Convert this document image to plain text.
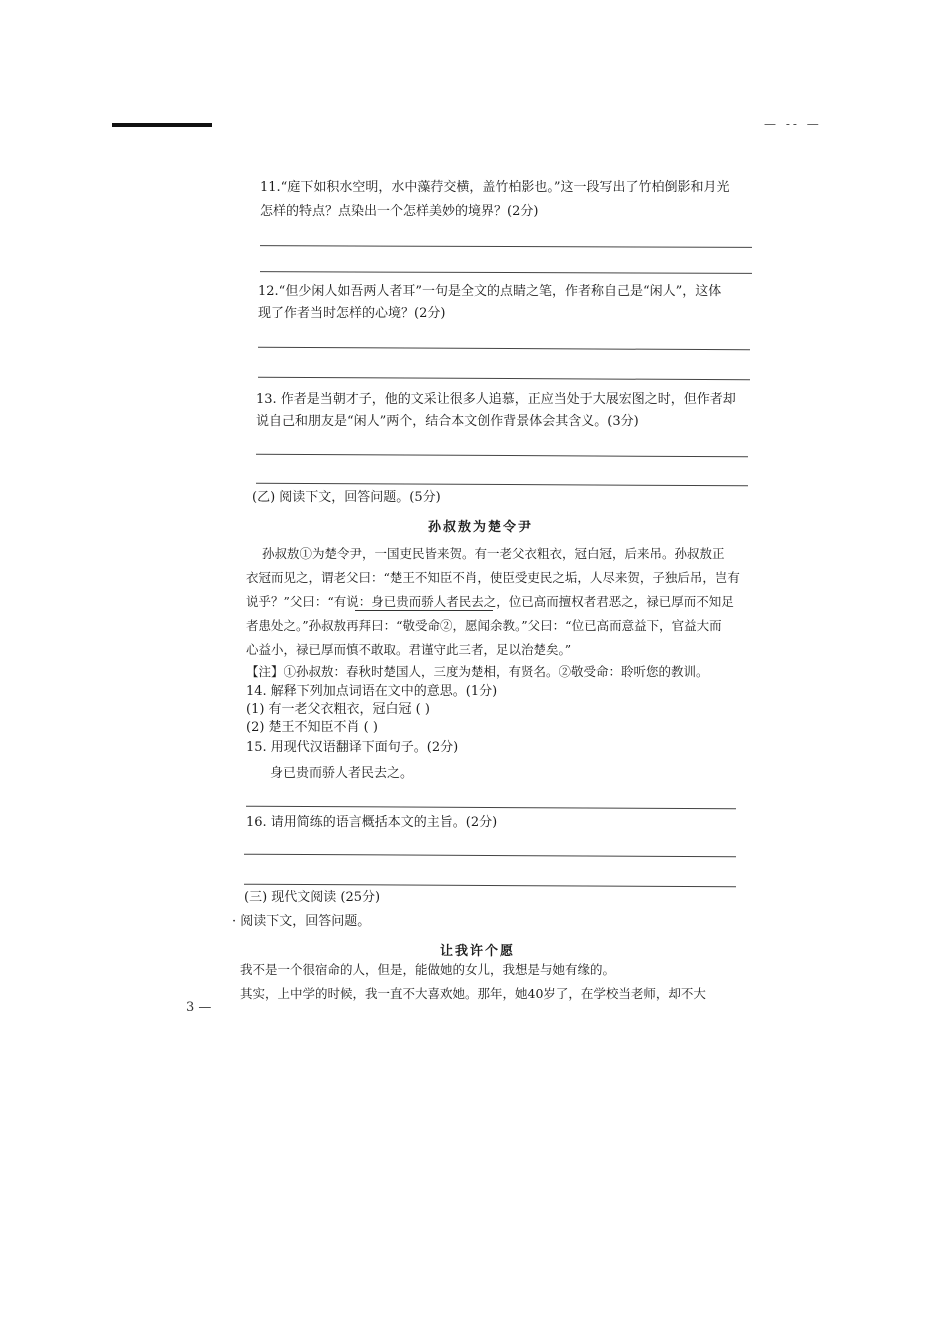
— -- —
11.“庭下如积水空明，水中藻荇交横，盖竹柏影也。”这一段写出了竹柏倒影和月光
怎样的特点？点染出一个怎样美妙的境界？(2分)
12.“但少闲人如吾两人者耳”一句是全文的点睛之笔，作者称自己是“闲人”，这体
现了作者当时怎样的心境？(2分)
13. 作者是当朝才子，他的文采让很多人追慕，正应当处于大展宏图之时，但作者却
说自己和朋友是“闲人”两个，结合本文创作背景体会其含义。(3分)
(乙) 阅读下文，回答问题。(5分)
孙叔敖为楚令尹
孙叔敖①为楚令尹，一国吏民皆来贺。有一老父衣粗衣，冠白冠，后来吊。孙叔敖正
衣冠而见之，谓老父曰：“楚王不知臣不肖，使臣受吏民之垢，人尽来贺，子独后吊，岂有
说乎？”父曰：“有说：身已贵而骄人者民去之，位已高而擅权者君恶之，禄已厚而不知足
者患处之。”孙叔敖再拜曰：“敬受命②，愿闻余教。”父曰：“位已高而意益下，官益大而
心益小，禄已厚而慎不敢取。君谨守此三者，足以治楚矣。”
【注】①孙叔敖：春秋时楚国人，三度为楚相，有贤名。②敬受命：聆听您的教训。
14. 解释下列加点词语在文中的意思。(1分)
(1) 有一老父衣粗衣，冠白冠 ( )
(2) 楚王不知臣不肖 ( )
15. 用现代汉语翻译下面句子。(2分)
身已贵而骄人者民去之。
16. 请用简练的语言概括本文的主旨。(2分)
(三) 现代文阅读 (25分)
· 阅读下文，回答问题。
让我许个愿
我不是一个很宿命的人，但是，能做她的女儿，我想是与她有缘的。
其实，上中学的时候，我一直不大喜欢她。那年，她40岁了，在学校当老师，却不大
3 —
